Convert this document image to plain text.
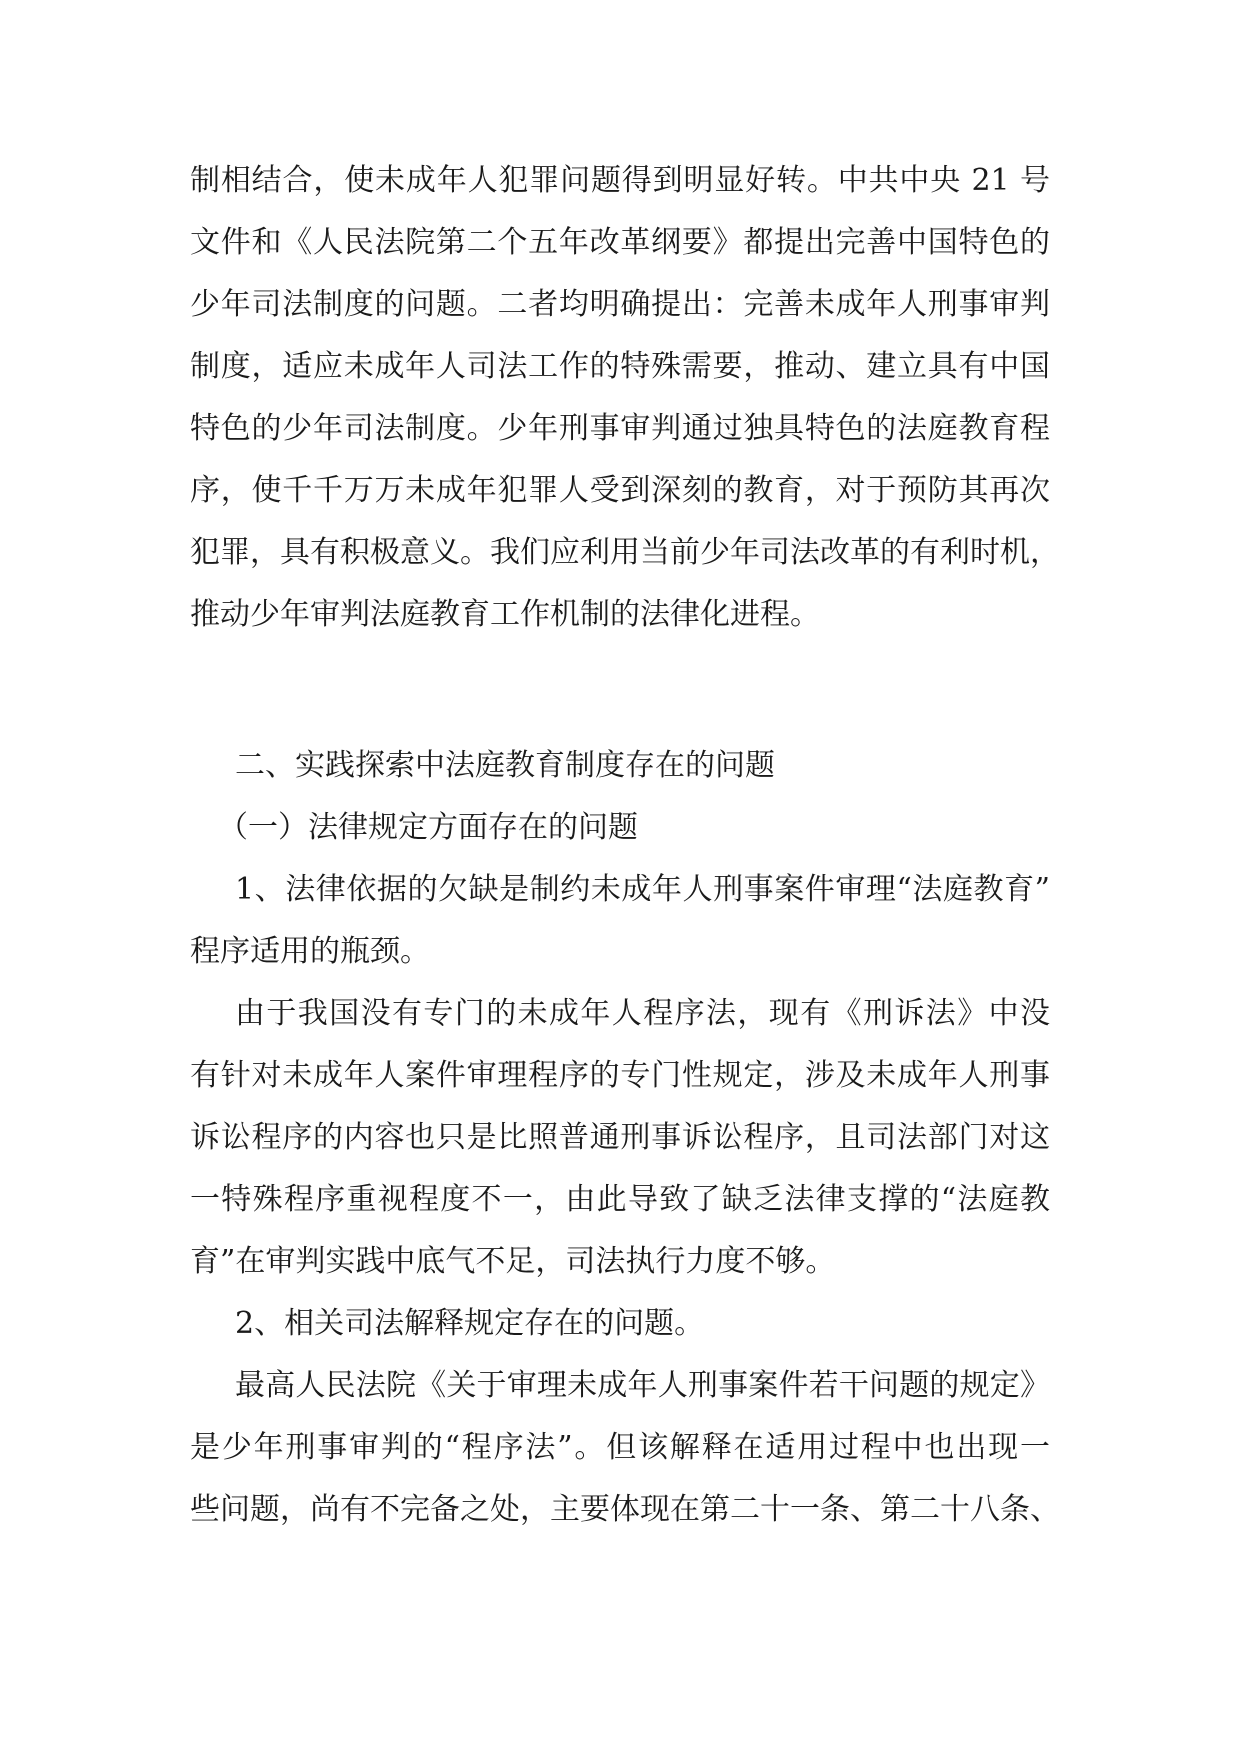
制相结合，使未成年人犯罪问题得到明显好转。中共中央 21 号
文件和《人民法院第二个五年改革纲要》都提出完善中国特色的
少年司法制度的问题。二者均明确提出：完善未成年人刑事审判
制度，适应未成年人司法工作的特殊需要，推动、建立具有中国
特色的少年司法制度。少年刑事审判通过独具特色的法庭教育程
序，使千千万万未成年犯罪人受到深刻的教育，对于预防其再次
犯罪，具有积极意义。我们应利用当前少年司法改革的有利时机，
推动少年审判法庭教育工作机制的法律化进程。
二、实践探索中法庭教育制度存在的问题
（一）法律规定方面存在的问题
1、法律依据的欠缺是制约未成年人刑事案件审理“法庭教育”
程序适用的瓶颈。
由于我国没有专门的未成年人程序法，现有《刑诉法》中没
有针对未成年人案件审理程序的专门性规定，涉及未成年人刑事
诉讼程序的内容也只是比照普通刑事诉讼程序，且司法部门对这
一特殊程序重视程度不一，由此导致了缺乏法律支撑的“法庭教
育”在审判实践中底气不足，司法执行力度不够。
2、相关司法解释规定存在的问题。
最高人民法院《关于审理未成年人刑事案件若干问题的规定》
是少年刑事审判的“程序法”。但该解释在适用过程中也出现一
些问题，尚有不完备之处，主要体现在第二十一条、第二十八条、
